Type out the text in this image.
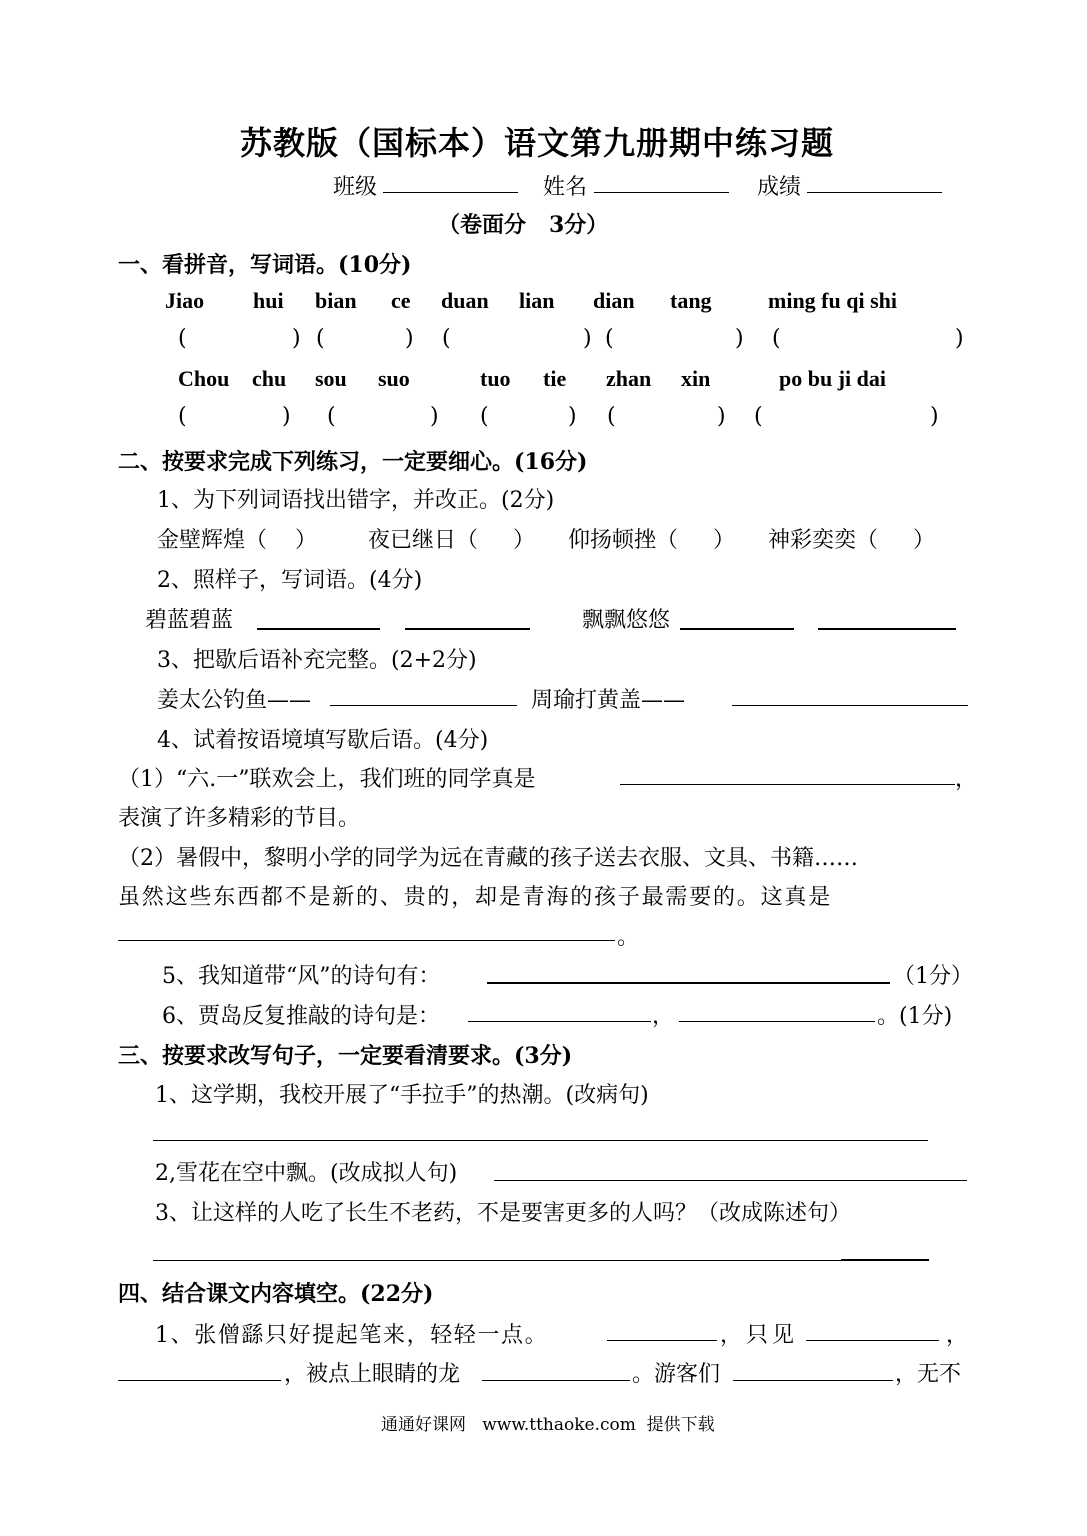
苏教版（国标本）语文第九册期中练习题
班级	姓名	成绩
（卷面分   3分）
一、看拼音，写词语。(10分)
Jiao hui bian ce duan lian dian tang	ming fu qi shi
(	) (	) (	) (	) (	)
Chou chu sou suo	tuo tie zhan xin	po bu ji dai
(	) (	) (	) (	) (	)
二、按要求完成下列练习，一定要细心。(16分)
1、为下列词语找出错字，并改正。(2分)
金壁辉煌（    ） 夜已继日（     ） 仰扬顿挫（     ） 神彩奕奕（     ）
2、照样子，写词语。(4分)
碧蓝碧蓝	飘飘悠悠
3、把歇后语补充完整。(2+2分)
姜太公钓鱼——	周瑜打黄盖——
4、试着按语境填写歇后语。(4分)
（1）“六.一”联欢会上，我们班的同学真是	，
表演了许多精彩的节目。
（2）暑假中，黎明小学的同学为远在青藏的孩子送去衣服、文具、书籍……
虽然这些东西都不是新的、贵的，却是青海的孩子最需要的。这真是
。
5、我知道带“风”的诗句有：	（1分）
6、贾岛反复推敲的诗句是：	，	。(1分)
三、按要求改写句子，一定要看清要求。(3分)
1、这学期，我校开展了“手拉手”的热潮。(改病句)
2,雪花在空中飘。(改成拟人句)
3、让这样的人吃了长生不老药，不是要害更多的人吗？（改成陈述句）
四、结合课文内容填空。(22分)
1、张僧繇只好提起笔来，轻轻一点。	，只见	，
，被点上眼睛的龙	。游客们	，无不
通通好课网   www.tthaoke.com  提供下载
